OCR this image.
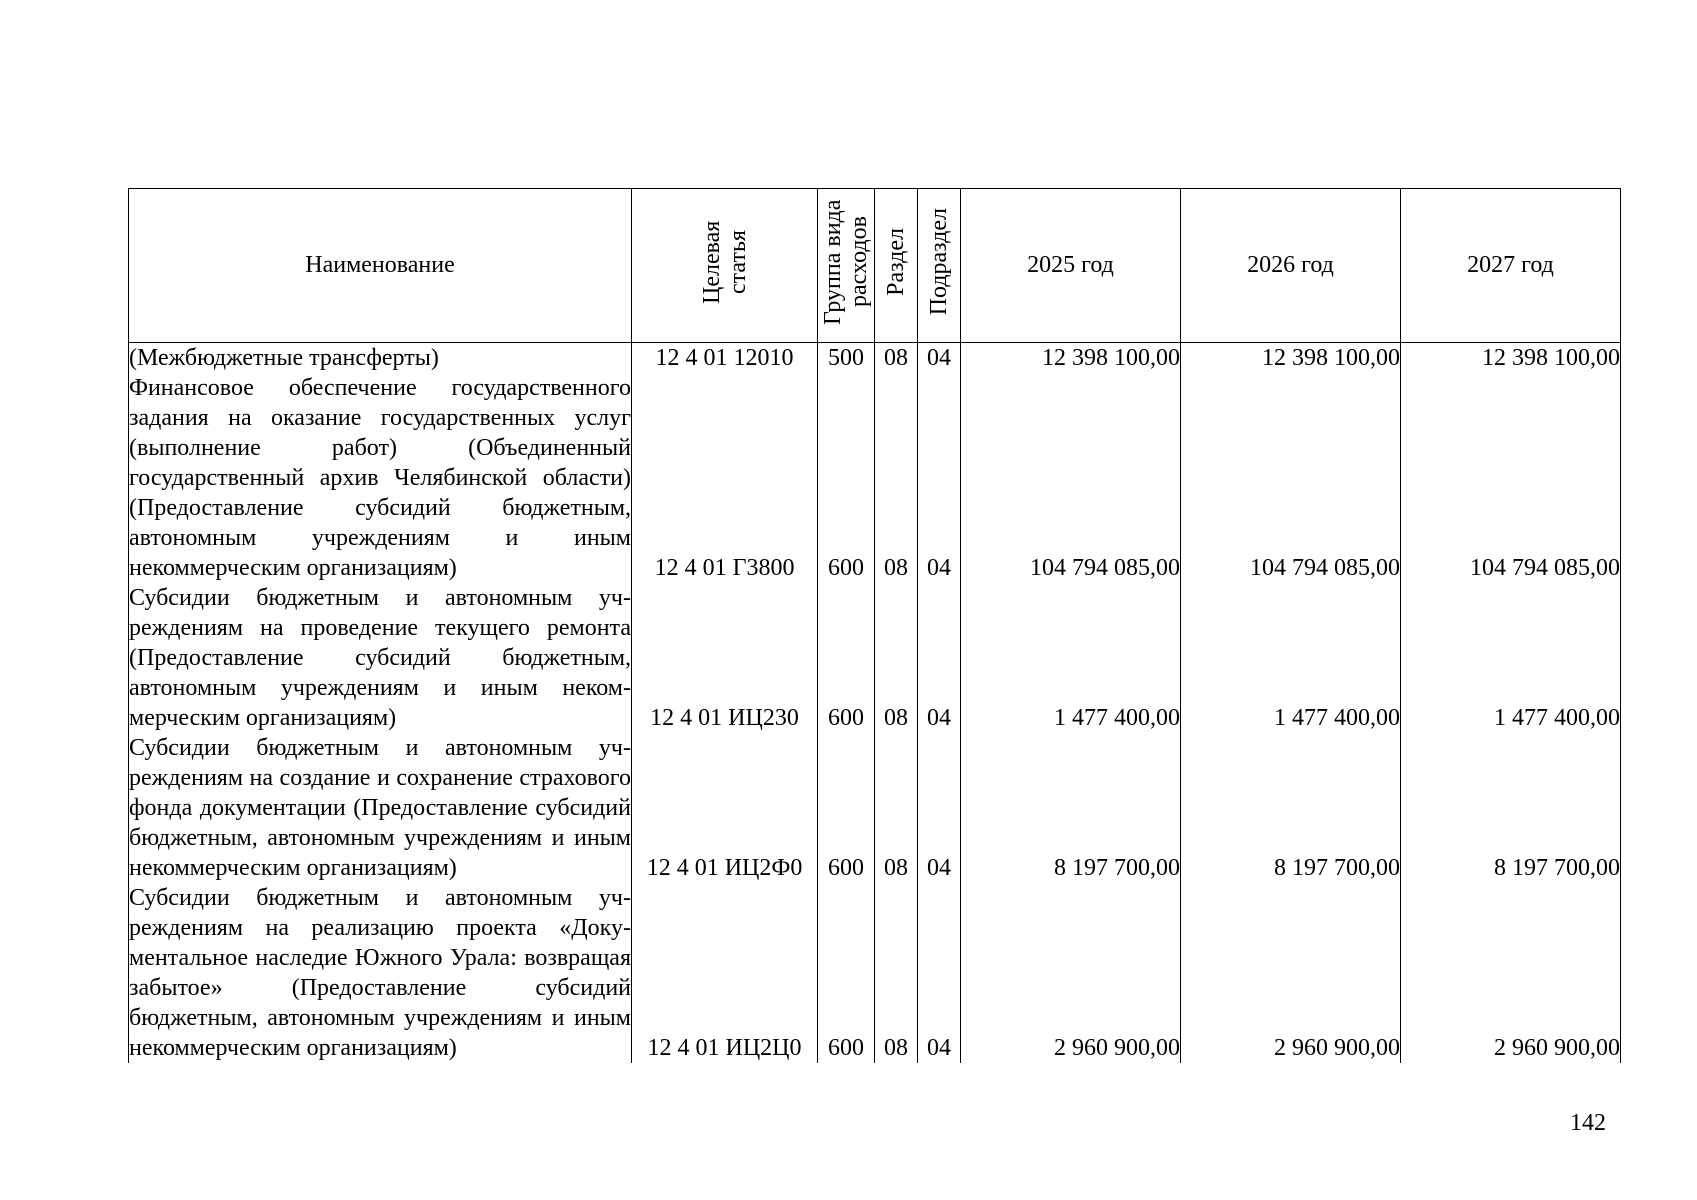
Наименование	Целевая статья	Группа вида расходов	Раздел	Подраздел	2025 год	2026 год	2027 год
(Межбюджетные трансферты)	12 4 01 12010	500	08	04	12 398 100,00	12 398 100,00	12 398 100,00
Финансовое обеспечение государственного задания на оказание государственных услуг (выполнение работ) (Объединенный государственный архив Челябинской области) (Предоставление субсидий бюджетным, автономным учреждениям и иным некоммерческим организациям)	12 4 01 Г3800	600	08	04	104 794 085,00	104 794 085,00	104 794 085,00
Субсидии бюджетным и автономным учреждениям на проведение текущего ремонта (Предоставление субсидий бюджетным, автономным учреждениям и иным некоммерческим организациям)	12 4 01 ИЦ230	600	08	04	1 477 400,00	1 477 400,00	1 477 400,00
Субсидии бюджетным и автономным учреждениям на создание и сохранение страхового фонда документации (Предоставление субсидий бюджетным, автономным учреждениям и иным некоммерческим организациям)	12 4 01 ИЦ2Ф0	600	08	04	8 197 700,00	8 197 700,00	8 197 700,00
Субсидии бюджетным и автономным учреждениям на реализацию проекта «Документальное наследие Южного Урала: возвращая забытое» (Предоставление субсидий бюджетным, автономным учреждениям и иным некоммерческим организациям)	12 4 01 ИЦ2Ц0	600	08	04	2 960 900,00	2 960 900,00	2 960 900,00
142
